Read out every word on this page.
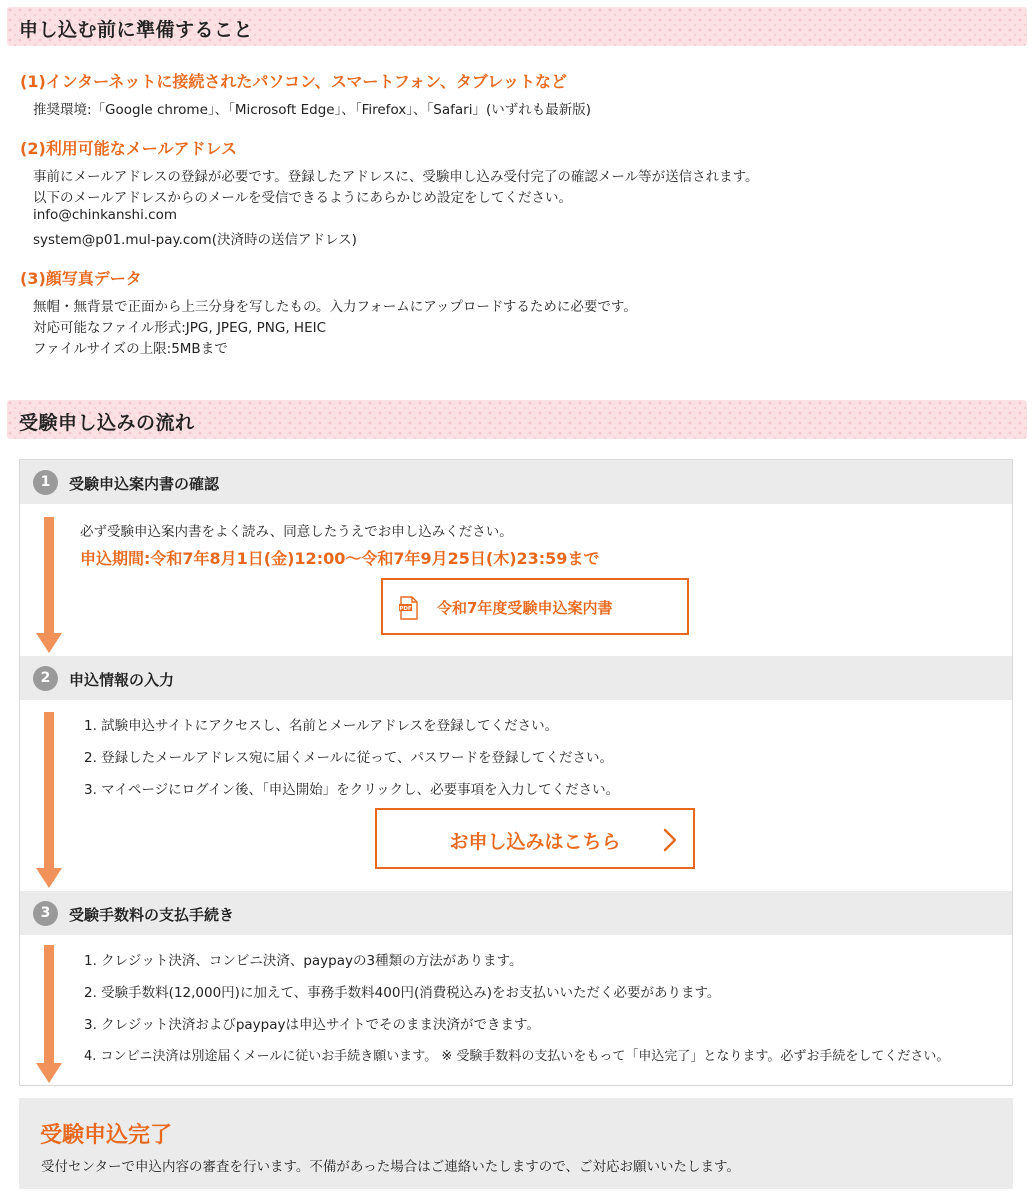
申し込む前に準備すること
(1)インターネットに接続されたパソコン、スマートフォン、タブレットなど
推奨環境:「Google chrome」、「Microsoft Edge」、「Firefox」、「Safari」(いずれも最新版)
(2)利用可能なメールアドレス
事前にメールアドレスの登録が必要です。登録したアドレスに、受験申し込み受付完了の確認メール等が送信されます。
以下のメールアドレスからのメールを受信できるようにあらかじめ設定をしてください。
info@chinkanshi.com
system@p01.mul-pay.com(決済時の送信アドレス)
(3)顔写真データ
無帽・無背景で正面から上三分身を写したもの。入力フォームにアップロードするために必要です。
対応可能なファイル形式:JPG, JPEG, PNG, HEIC
ファイルサイズの上限:5MBまで
受験申し込みの流れ
1	受験申込案内書の確認
必ず受験申込案内書をよく読み、同意したうえでお申し込みください。
申込期間:令和7年8月1日(金)12:00〜令和7年9月25日(木)23:59まで
PDF 令和7年度受験申込案内書
2	申込情報の入力
1. 試験申込サイトにアクセスし、名前とメールアドレスを登録してください。
2. 登録したメールアドレス宛に届くメールに従って、パスワードを登録してください。
3. マイページにログイン後、「申込開始」をクリックし、必要事項を入力してください。
お申し込みはこちら
3	受験手数料の支払手続き
1. クレジット決済、コンビニ決済、paypayの3種類の方法があります。
2. 受験手数料(12,000円)に加えて、事務手数料400円(消費税込み)をお支払いいただく必要があります。
3. クレジット決済およびpaypayは申込サイトでそのまま決済ができます。
4. コンビニ決済は別途届くメールに従いお手続き願います。 ※ 受験手数料の支払いをもって「申込完了」となります。必ずお手続をしてください。
受験申込完了
受付センターで申込内容の審査を行います。不備があった場合はご連絡いたしますので、ご対応お願いいたします。
